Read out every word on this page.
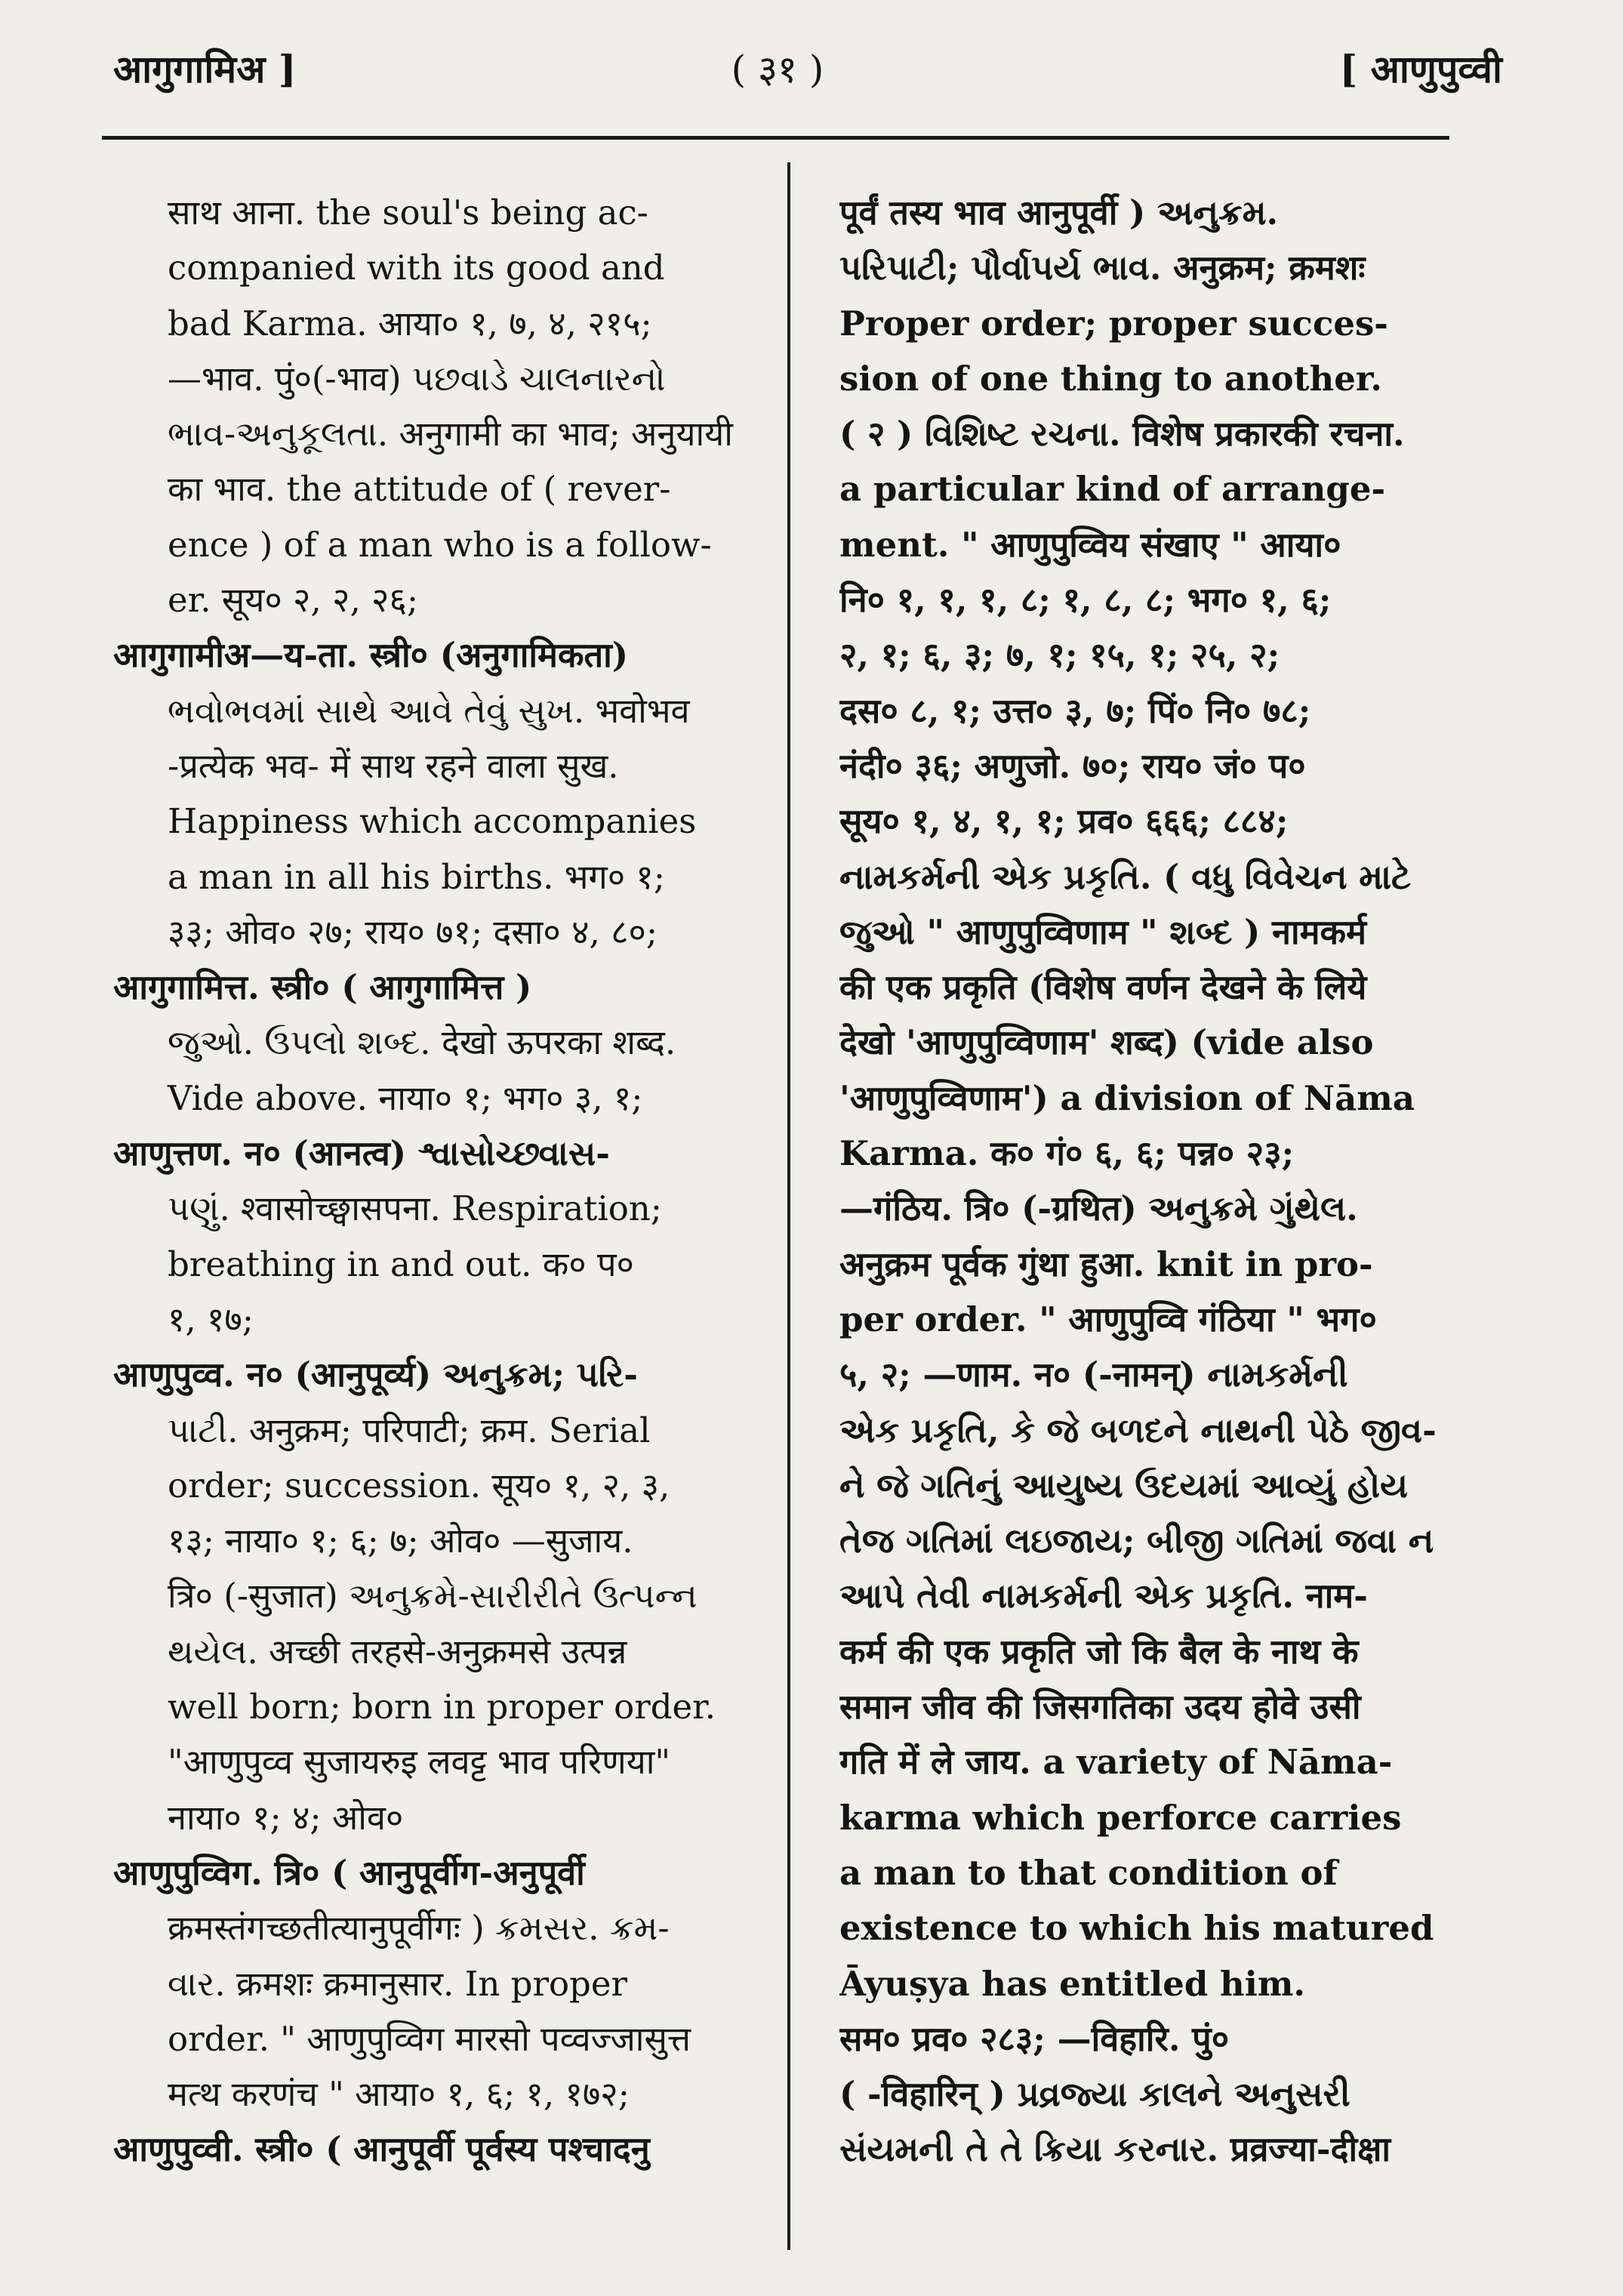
आगुगामिअ ]	( ३१ )	[ आणुपुव्वी
साथ आना. the soul's being ac-
companied with its good and
bad Karma. आया० १, ७, ४, २१५;
—भाव. पुं०(-भाव) પછવાડે ચાલનારનો
ભાવ-અનુકૂલતા. अनुगामी का भाव; अनुयायी
का भाव. the attitude of ( rever-
ence ) of a man who is a follow-
er. सूय० २, २, २६;
आगुगामीअ—य-ता. स्त्री० (अनुगामिकता)
ભવોભવમાં સાથે આવે તેવું સુખ. भवोभव
-प्रत्येक भव- में साथ रहने वाला सुख.
Happiness which accompanies
a man in all his births. भग० १;
३३; ओव० २७; राय० ७१; दसा० ४, ८०;
आगुगामित्त. स्त्री० ( आगुगामित्त )
જુઓ. ઉપલો શબ્દ. देखो ऊपरका शब्द.
Vide above. नाया० १; भग० ३, १;
आणुत्तण. न० (आनत्व) શ્વાસોચ્છ્વાસ-
પણું. श्वासोच्छ्वासपना. Respiration;
breathing in and out. क० प०
१, १७;
आणुपुव्व. न० (आनुपूर्व्य) અનુક્રમ; પરિ-
પાટી. अनुक्रम; परिपाटी; क्रम. Serial
order; succession. सूय० १, २, ३,
१३; नाया० १; ६; ७; ओव० —सुजाय.
त्रि० (-सुजात) અનુક્રમે-સારીરીતે ઉત્પન્ન
થયેલ. अच्छी तरहसे-अनुक्रमसे उत्पन्न
well born; born in proper order.
"आणुपुव्व सुजायरुइ लवट्ट भाव परिणया"
नाया० १; ४; ओव०
आणुपुव्विग. त्रि० ( आनुपूर्वीग-अनुपूर्वी
क्रमस्तंगच्छतीत्यानुपूर्वीगः ) ક્રમસર. ક્રમ-
વાર. क्रमशः क्रमानुसार. In proper
order. " आणुपुव्विग मारसो पव्वज्जासुत्त
मत्थ करणंच " आया० १, ६; १, १७२;
आणुपुव्वी. स्त्री० ( आनुपूर्वी पूर्वस्य पश्चादनु
पूर्वं तस्य भाव आनुपूर्वी ) અનુક્રમ.
પરિપાટી; પૌર્વાપર્ય ભાવ. अनुक्रम; क्रमशः
Proper order; proper succes-
sion of one thing to another.
( २ ) વિશિષ્ટ રચના. विशेष प्रकारकी रचना.
a particular kind of arrange-
ment. " आणुपुव्विय संखाए " आया०
नि० १, १, १, ८; १, ८, ८; भग० १, ६;
२, १; ६, ३; ७, १; १५, १; २५, २;
दस० ८, १; उत्त० ३, ७; पिं० नि० ७८;
नंदी० ३६; अणुजो. ७०; राय० जं० प०
सूय० १, ४, १, १; प्रव० ६६६; ८८४;
નામકર્મની એક પ્રકૃતિ. ( વધુ વિવેચન માટે
જુઓ " आणुपुव्विणाम " શબ્દ ) नामकर्म
की एक प्रकृति (विशेष वर्णन देखने के लिये
देखो 'आणुपुव्विणाम' शब्द) (vide also
'आणुपुव्विणाम') a division of Nāma
Karma. क० गं० ६, ६; पन्न० २३;
—गंठिय. त्रि० (-ग्रथित) અનુક્રમે ગુંથેલ.
अनुक्रम पूर्वक गुंथा हुआ. knit in pro-
per order. " आणुपुव्वि गंठिया " भग०
५, २; —णाम. न० (-नामन्) નામકર્મની
એક પ્રકૃતિ, કે જે બળદને નાથની પેઠે જીવ-
ને જે ગતિનું આયુષ્ય ઉદયમાં આવ્યું હોય
તેજ ગતિમાં લઇજાય; બીજી ગતિમાં જવા ન
આપે તેવી નામકર્મની એક પ્રકૃતિ. नाम-
कर्म की एक प्रकृति जो कि बैल के नाथ के
समान जीव की जिसगतिका उदय होवे उसी
गति में ले जाय. a variety of Nāma-
karma which perforce carries
a man to that condition of
existence to which his matured
Āyuṣya has entitled him.
सम० प्रव० २८३; —विहारि. पुं०
( -विहारिन् ) પ્રવ્રજ્યા કાલને અનુસરી
સંયમની તે તે ક્રિયા કરનાર. प्रव्रज्या-दीक्षा
